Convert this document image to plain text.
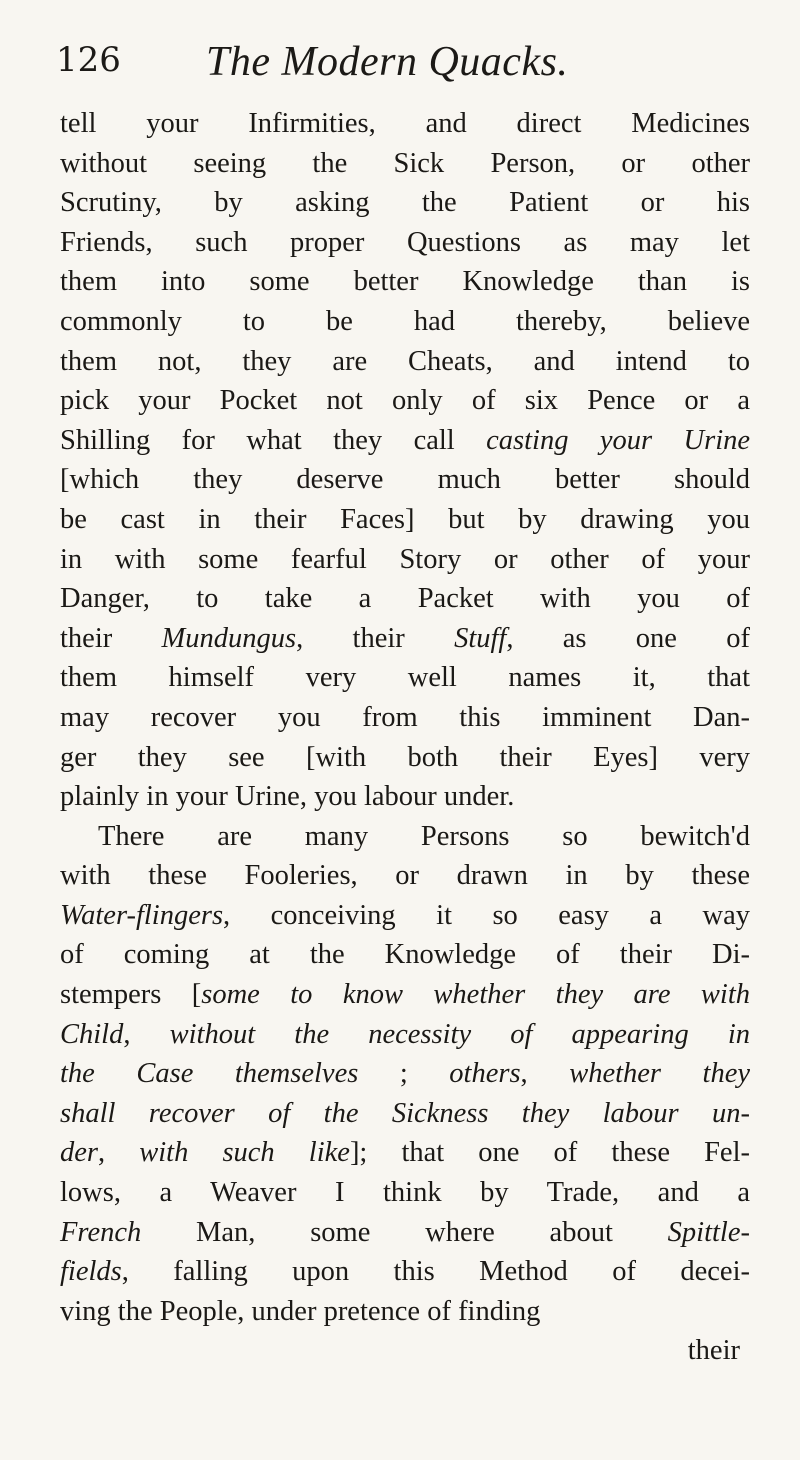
126 The Modern Quacks.
tell your Infirmities, and direct Medicines
without seeing the Sick Person, or other
Scrutiny, by asking the Patient or his
Friends, such proper Questions as may let
them into some better Knowledge than is
commonly to be had thereby, believe
them not, they are Cheats, and intend to
pick your Pocket not only of six Pence or a
Shilling for what they call casting your Urine
[which they deserve much better should
be cast in their Faces] but by drawing you
in with some fearful Story or other of your
Danger, to take a Packet with you of
their Mundungus, their Stuff, as one of
them himself very well names it, that
may recover you from this imminent Dan-
ger they see [with both their Eyes] very
plainly in your Urine, you labour under.
There are many Persons so bewitch'd
with these Fooleries, or drawn in by these
Water-flingers, conceiving it so easy a way
of coming at the Knowledge of their Di-
stempers [some to know whether they are with
Child, without the necessity of appearing in
the Case themselves ; others, whether they
shall recover of the Sickness they labour un-
der, with such like]; that one of these Fel-
lows, a Weaver I think by Trade, and a
French Man, some where about Spittle-
fields, falling upon this Method of decei-
ving the People, under pretence of finding
their
